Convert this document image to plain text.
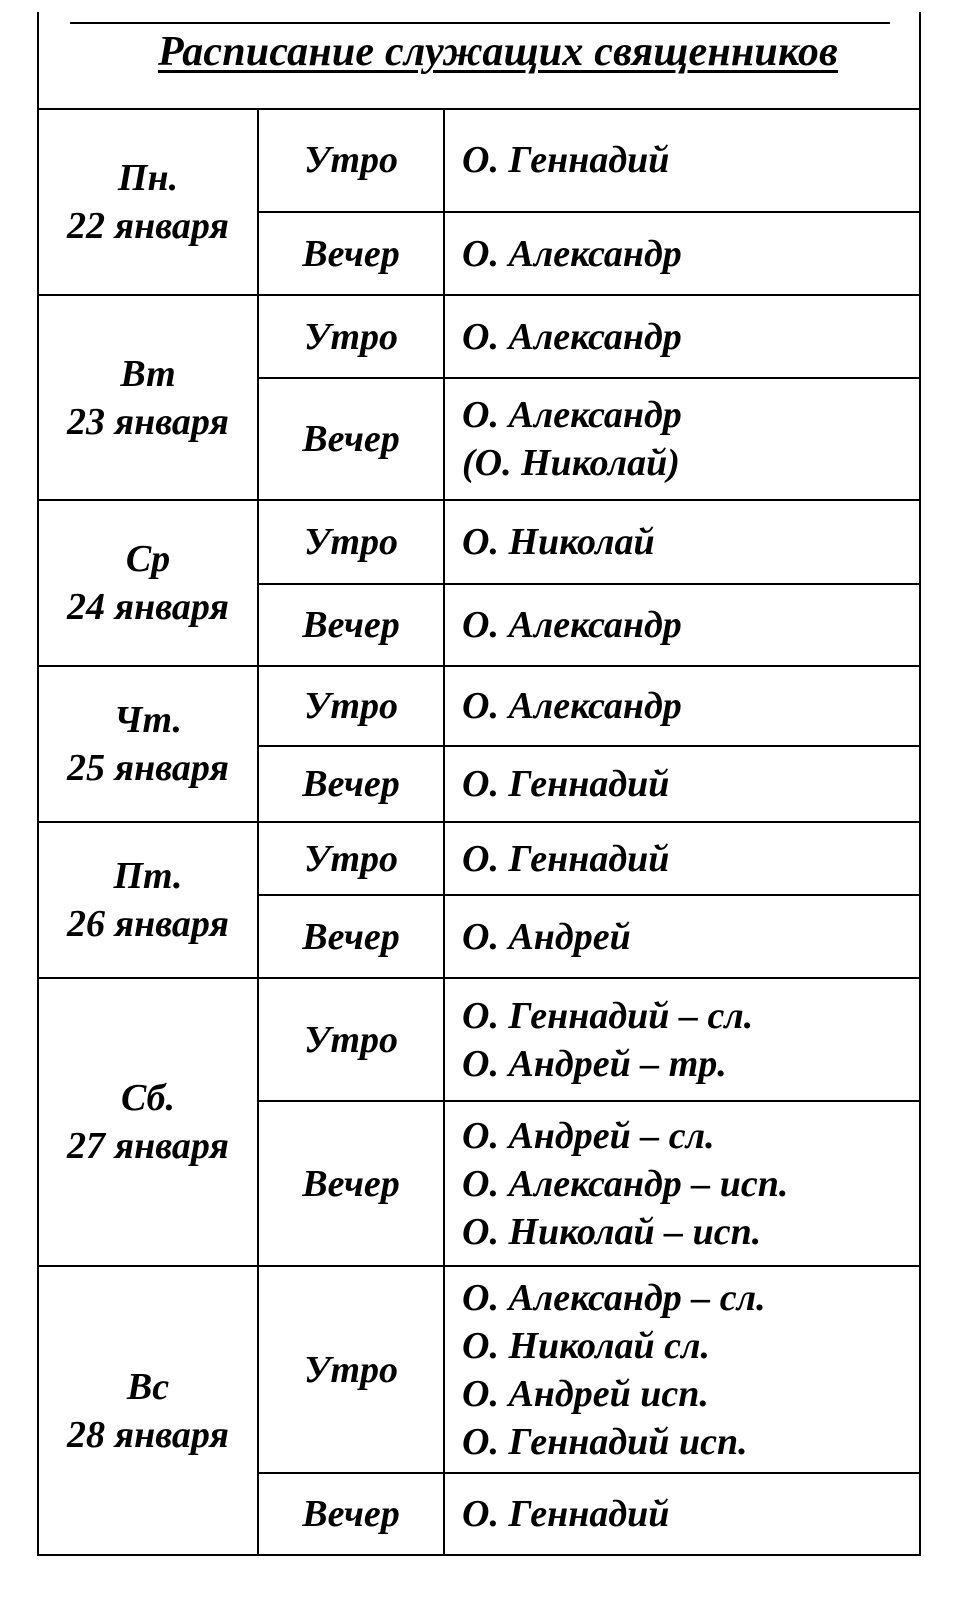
Расписание служащих священников
Пн.
22 января
Утро О. Геннадий
Вечер О. Александр
Вт
23 января
Утро О. Александр
Вечер
О. Александр
(О. Николай)
Ср
24 января
Утро О. Николай
Вечер О. Александр
Чт.
25 января
Утро О. Александр
Вечер О. Геннадий
Пт.
26 января
Утро О. Геннадий
Вечер О. Андрей
Сб.
27 января
Утро
О. Геннадий – сл.
О. Андрей – тр.
Вечер
О. Андрей – сл.
О. Александр – исп.
О. Николай – исп.
Вс
28 января
Утро
О. Александр – сл.
О. Николай сл.
О. Андрей исп.
О. Геннадий исп.
Вечер О. Геннадий
